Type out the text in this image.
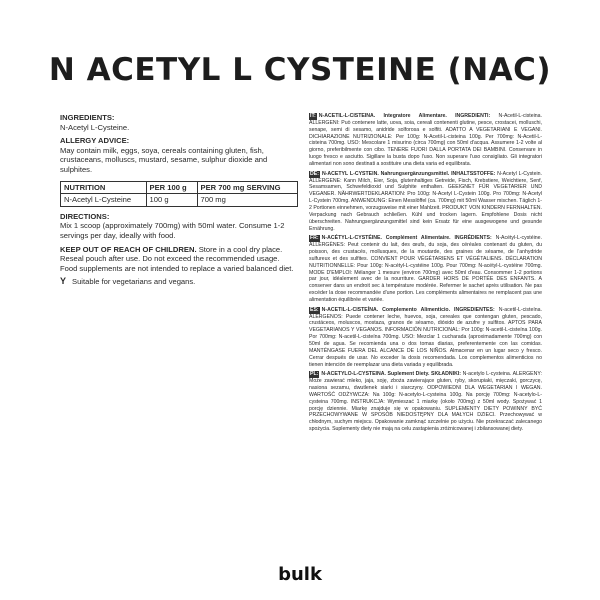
N ACETYL L CYSTEINE (NAC)

INGREDIENTS:
N-Acetyl L-Cysteine.

ALLERGY ADVICE:
May contain milk, eggs, soya, cereals containing gluten, fish, crustaceans, molluscs, mustard, sesame, sulphur dioxide and sulphites.

NUTRITION	PER 100 g	PER 700 mg SERVING
N-Acetyl L-Cysteine	100 g	700 mg

DIRECTIONS:
Mix 1 scoop (approximately 700mg) with 50ml water. Consume 1-2 servings per day, ideally with food.

KEEP OUT OF REACH OF CHILDREN. Store in a cool dry place. Reseal pouch after use. Do not exceed the recommended usage. Food supplements are not intended to replace a varied balanced diet.

Y Suitable for vegetarians and vegans.
IT: N-ACETIL-L-CISTEINA. Integratore Alimentare. INGREDIENTI: N-Acetil-L-cisteina. ALLERGENI: Può contenere latte, uova, soia, cereali contenenti glutine, pesce, crostacei, molluschi, senape, semi di sesamo, anidride solforosa e solfiti. ADATTO A VEGETARIANI E VEGANI. DICHIARAZIONE NUTRIZIONALE: Per 100g: N-Acetil-L-cisteina 100g. Per 700mg: N-Acetil-L-cisteina 700mg. USO: Mescolare 1 misurino (circa 700mg) con 50ml d'acqua. Assumere 1-2 volte al giorno, preferibilmente con cibo. TENERE FUORI DALLA PORTATA DEI BAMBINI. Conservare in luogo fresco e asciutto. Sigillare la busta dopo l'uso. Non superare l'uso consigliato. Gli integratori alimentari non sono destinati a sostituire una dieta varia ed equilibrata.
DE: N-ACETYL L-CYSTEIN. Nahrungsergänzungsmittel. INHALTSSTOFFE: N-Acetyl L-Cystein. ALLERGENE: Kann Milch, Eier, Soja, glutenhaltiges Getreide, Fisch, Krebstiere, Weichtiere, Senf, Sesamsamen, Schwefeldioxid und Sulphite enthalten. GEEIGNET FÜR VEGETARIER UND VEGANER. NÄHRWERTDEKLARATION: Pro 100g: N-Acetyl L-Cystein 100g. Pro 700mg: N-Acetyl L-Cystein 700mg. ANWENDUNG: Einen Messlöffel (ca. 700mg) mit 50ml Wasser mischen. Täglich 1-2 Portionen einnehmen, vorzugsweise mit einer Mahlzeit. PRODUKT VON KINDERN FERNHALTEN. Verpackung nach Gebrauch schließen. Kühl und trocken lagern. Empfohlene Dosis nicht überschreiten. Nahrungsergänzungsmittel sind kein Ersatz für eine ausgewogene und gesunde Ernährung.
FR: N-ACÉTYL-L-CYSTÉINE. Complément Alimentaire. INGRÉDIENTS: N-Acétyl-L-cystéine. ALLERGÈNES: Peut contenir du lait, des œufs, du soja, des céréales contenant du gluten, du poisson, des crustacés, mollusques, de la moutarde, des graines de sésame, de l'anhydride sulfureux et des sulfites. CONVIENT POUR VÉGÉTARIENS ET VÉGÉTALIENS. DÉCLARATION NUTRITIONNELLE: Pour 100g: N-acétyl-L-cystéine 100g. Pour 700mg: N-acétyl-L-cystéine 700mg. MODE D'EMPLOI: Mélanger 1 mesure (environ 700mg) avec 50ml d'eau. Consommer 1-2 portions par jour, idéalement avec de la nourriture. GARDER HORS DE PORTÉE DES ENFANTS. A conserver dans un endroit sec à température modérée. Refermer le sachet après utilisation. Ne pas excéder la dose recommandée d'une portion. Les compléments alimentaires ne remplacent pas une alimentation équilibrée et variée.
ES: N-ACETIL-L-CISTEÍNA. Complemento Alimenticio. INGREDIENTES: N-acetil-L-cisteína. ALERGENOS: Puede contener leche, huevos, soja, cereales que contengan gluten, pescado, crustáceos, moluscos, mostaza, granos de sésamo, dióxido de azufre y sulfitos. APTOS PARA VEGETARIANOS Y VEGANOS. INFORMACIÓN NUTRICIONAL: Por 100g: N-acetil-L-cisteína 100g. Por 700mg: N-acetil-L-cisteína 700mg. USO: Mezclar 1 cucharada (aproximadamente 700mg) con 50ml de agua. Se recomienda una o dos tomas diarias, preferentemente con las comidas. MANTÉNGASE FUERA DEL ALCANCE DE LOS NIÑOS. Almacenar en un lugar seco y fresco. Cerrar después de usar. No exceder la dosis recomendada. Los complementos alimenticios no tienen intención de reemplazar una dieta variada y equilibrada.
PL: N-ACETYLO-L-CYSTEINA. Suplement Diety. SKŁADNIKI: N-acetylo L-cysteina. ALERGENY: Może zawierać mleko, jaja, soję, zboża zawierające gluten, ryby, skorupiaki, mięczaki, gorczycę, nasiona sezamu, dwutlenek siarki i siarczyny. ODPOWIEDNI DLA WEGETARIAN I WEGAN. WARTOŚĆ ODŻYWCZA: Na 100g: N-acetylo-L-cysteina 100g. Na porcję 700mg: N-acetylo-L-cysteina 700mg. INSTRUKCJA: Wymieszać 1 miarkę (około 700mg) z 50ml wody. Spożywać 1 porcję dziennie. Miarkę znajduje się w opakowaniu. SUPLEMENTY DIETY POWINNY BYĆ PRZECHOWYWANE W SPOSÓB NIEDOSTĘPNY DLA MAŁYCH DZIECI. Przechowywać w chłodnym, suchym miejscu. Opakowanie zamknąć szczelnie po użyciu. Nie przekraczać zalecanego spożycia. Suplementy diety nie mają na celu zastąpienia zróżnicowanej i zbilansowanej diety.
bulk
